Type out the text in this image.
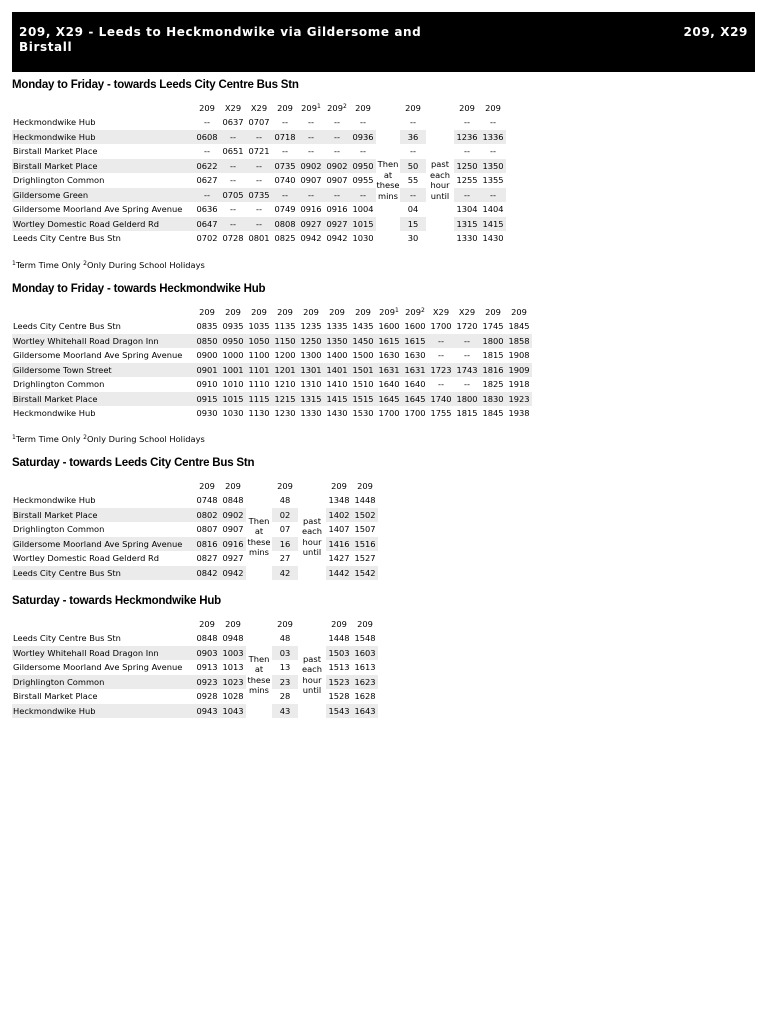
209, X29 - Leeds to Heckmondwike via Gildersome and Birstall
209, X29
Monday to Friday - towards Leeds City Centre Bus Stn
	209	X29	X29	209	$209^1$	$209^2$	209		209		209	209
Heckmondwike Hub	--	0637	0707	--	--	--	--		--		--	--
Heckmondwike Hub	0608	--	--	0718	--	--	0936		36		1236	1336
Birstall Market Place	--	0651	0721	--	--	--	--		--		--	--
Birstall Market Place	0622	--	--	0735	0902	0902	0950	Then at these mins	50	past each hour until	1250	1350
Drighlington Common	0627	--	--	0740	0907	0907	0955		55		1255	1355
Gildersome Green	--	0705	0735	--	--	--	--		--		--	--
Gildersome Moorland Ave Spring Avenue	0636	--	--	0749	0916	0916	1004		04		1304	1404
Wortley Domestic Road Gelderd Rd	0647	--	--	0808	0927	0927	1015		15		1315	1415
Leeds City Centre Bus Stn	0702	0728	0801	0825	0942	0942	1030		30		1330	1430
$^1$Term Time Only $^2$Only During School Holidays
Monday to Friday - towards Heckmondwike Hub
	209	209	209	209	209	209	209	$209^1$	$209^2$	X29	X29	209	209
Leeds City Centre Bus Stn	0835	0935	1035	1135	1235	1335	1435	1600	1600	1700	1720	1745	1845
Wortley Whitehall Road Dragon Inn	0850	0950	1050	1150	1250	1350	1450	1615	1615	--	--	1800	1858
Gildersome Moorland Ave Spring Avenue	0900	1000	1100	1200	1300	1400	1500	1630	1630	--	--	1815	1908
Gildersome Town Street	0901	1001	1101	1201	1301	1401	1501	1631	1631	1723	1743	1816	1909
Drighlington Common	0910	1010	1110	1210	1310	1410	1510	1640	1640	--	--	1825	1918
Birstall Market Place	0915	1015	1115	1215	1315	1415	1515	1645	1645	1740	1800	1830	1923
Heckmondwike Hub	0930	1030	1130	1230	1330	1430	1530	1700	1700	1755	1815	1845	1938
$^1$Term Time Only $^2$Only During School Holidays
Saturday - towards Leeds City Centre Bus Stn
	209	209		209		209	209
Heckmondwike Hub	0748	0848		48		1348	1448
Birstall Market Place	0802	0902	Then at these mins	02	past each hour until	1402	1502
Drighlington Common	0807	0907		07		1407	1507
Gildersome Moorland Ave Spring Avenue	0816	0916		16		1416	1516
Wortley Domestic Road Gelderd Rd	0827	0927		27		1427	1527
Leeds City Centre Bus Stn	0842	0942		42		1442	1542
Saturday - towards Heckmondwike Hub
	209	209		209		209	209
Leeds City Centre Bus Stn	0848	0948		48		1448	1548
Wortley Whitehall Road Dragon Inn	0903	1003	Then at these mins	03	past each hour until	1503	1603
Gildersome Moorland Ave Spring Avenue	0913	1013		13		1513	1613
Drighlington Common	0923	1023		23		1523	1623
Birstall Market Place	0928	1028		28		1528	1628
Heckmondwike Hub	0943	1043		43		1543	1643
